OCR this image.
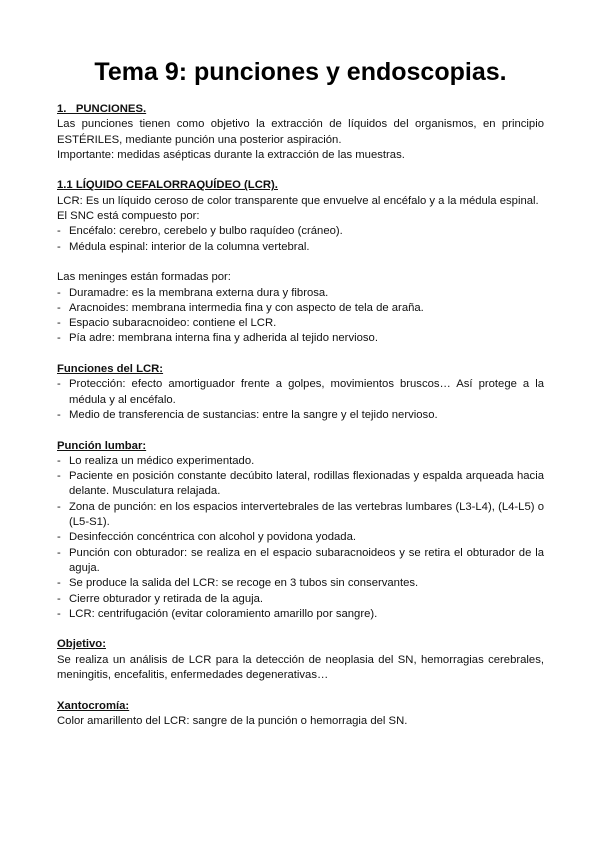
Tema 9: punciones y endoscopias.

1.   PUNCIONES.

Las punciones tienen como objetivo la extracción de líquidos del organismos, en principio ESTÉRILES, mediante punción una posterior aspiración.

Importante: medidas asépticas durante la extracción de las muestras.

1.1 LÍQUIDO CEFALORRAQUÍDEO (LCR).

LCR: Es un líquido ceroso de color transparente que envuelve al encéfalo y a la médula espinal.

El SNC está compuesto por:

- Encéfalo: cerebro, cerebelo y bulbo raquídeo (cráneo).
- Médula espinal: interior de la columna vertebral.

Las meninges están formadas por:

- Duramadre: es la membrana externa dura y fibrosa.
- Aracnoides: membrana intermedia fina y con aspecto de tela de araña.
- Espacio subaracnoideo: contiene el LCR.
- Pía adre: membrana interna fina y adherida al tejido nervioso.

Funciones del LCR:

- Protección: efecto amortiguador frente a golpes, movimientos bruscos… Así protege a la médula y al encéfalo.
- Medio de transferencia de sustancias: entre la sangre y el tejido nervioso.

Punción lumbar:

- Lo realiza un médico experimentado.
- Paciente en posición constante decúbito lateral, rodillas flexionadas y espalda arqueada hacia delante. Musculatura relajada.
- Zona de punción: en los espacios intervertebrales de las vertebras lumbares (L3-L4), (L4-L5) o (L5-S1).
- Desinfección concéntrica con alcohol y povidona yodada.
- Punción con obturador: se realiza en el espacio subaracnoideos y se retira el obturador de la aguja.
- Se produce la salida del LCR: se recoge en 3 tubos sin conservantes.
- Cierre obturador y retirada de la aguja.
- LCR: centrifugación (evitar coloramiento amarillo por sangre).

Objetivo:

Se realiza un análisis de LCR para la detección de neoplasia del SN, hemorragias cerebrales, meningitis, encefalitis, enfermedades degenerativas…

Xantocromía:

Color amarillento del LCR: sangre de la punción o hemorragia del SN.
